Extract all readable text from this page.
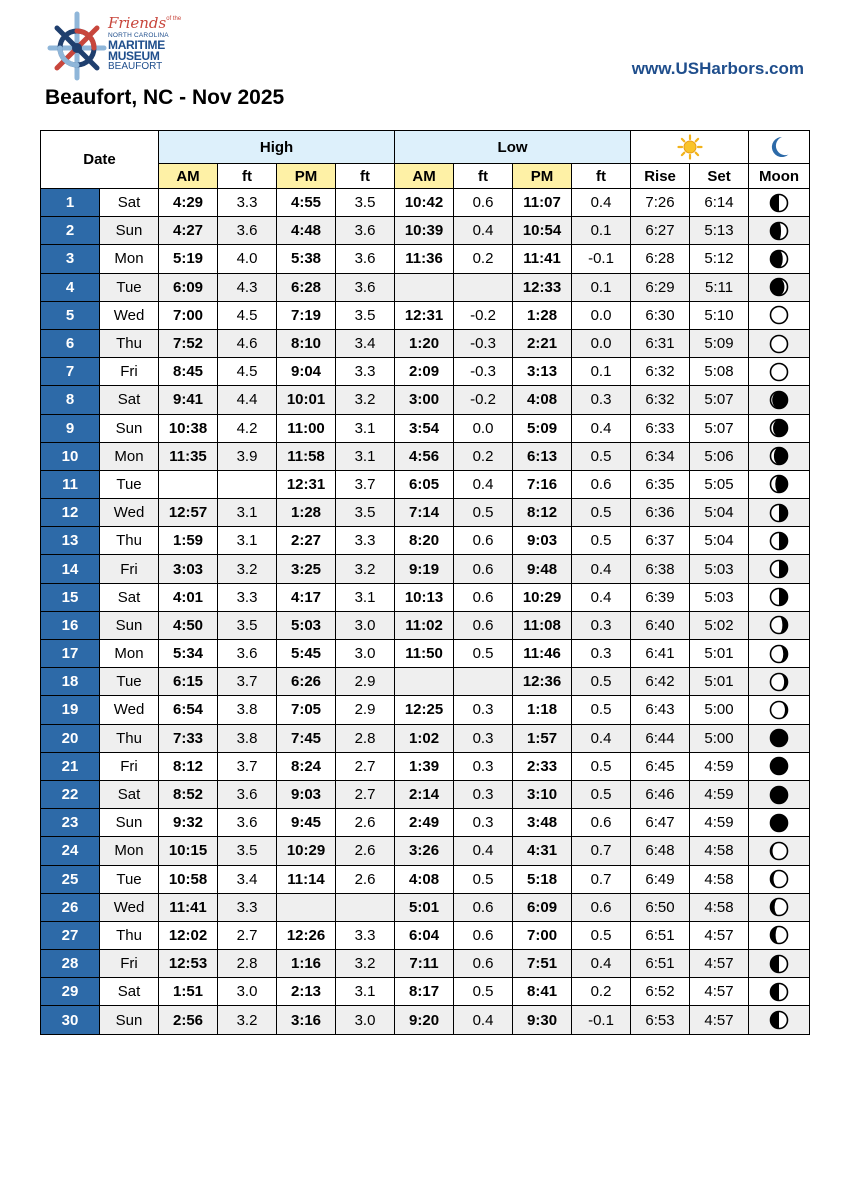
Friends$^{of the}$
NORTH CAROLINA
MARITIME
MUSEUM
BEAUFORT	www.USHarbors.com
Beaufort, NC - Nov 2025
Date		High				Low	

		AM	ft	PM	ft	AM	ft	PM	ft	Rise	Set	Moon
1	Sat	4:29	3.3	4:55	3.5	10:42	0.6	11:07	0.4	7:26	6:14	

2	Sun	4:27	3.6	4:48	3.6	10:39	0.4	10:54	0.1	6:27	5:13	

3	Mon	5:19	4.0	5:38	3.6	11:36	0.2	11:41	-0.1	6:28	5:12	

4	Tue	6:09	4.3	6:28	3.6			12:33	0.1	6:29	5:11	

5	Wed	7:00	4.5	7:19	3.5	12:31	-0.2	1:28	0.0	6:30	5:10	

6	Thu	7:52	4.6	8:10	3.4	1:20	-0.3	2:21	0.0	6:31	5:09	

7	Fri	8:45	4.5	9:04	3.3	2:09	-0.3	3:13	0.1	6:32	5:08	

8	Sat	9:41	4.4	10:01	3.2	3:00	-0.2	4:08	0.3	6:32	5:07	

9	Sun	10:38	4.2	11:00	3.1	3:54	0.0	5:09	0.4	6:33	5:07	

10	Mon	11:35	3.9	11:58	3.1	4:56	0.2	6:13	0.5	6:34	5:06	

11	Tue			12:31	3.7	6:05	0.4	7:16	0.6	6:35	5:05	

12	Wed	12:57	3.1	1:28	3.5	7:14	0.5	8:12	0.5	6:36	5:04	

13	Thu	1:59	3.1	2:27	3.3	8:20	0.6	9:03	0.5	6:37	5:04	

14	Fri	3:03	3.2	3:25	3.2	9:19	0.6	9:48	0.4	6:38	5:03	

15	Sat	4:01	3.3	4:17	3.1	10:13	0.6	10:29	0.4	6:39	5:03	

16	Sun	4:50	3.5	5:03	3.0	11:02	0.6	11:08	0.3	6:40	5:02	

17	Mon	5:34	3.6	5:45	3.0	11:50	0.5	11:46	0.3	6:41	5:01	

18	Tue	6:15	3.7	6:26	2.9			12:36	0.5	6:42	5:01	

19	Wed	6:54	3.8	7:05	2.9	12:25	0.3	1:18	0.5	6:43	5:00	

20	Thu	7:33	3.8	7:45	2.8	1:02	0.3	1:57	0.4	6:44	5:00	

21	Fri	8:12	3.7	8:24	2.7	1:39	0.3	2:33	0.5	6:45	4:59	

22	Sat	8:52	3.6	9:03	2.7	2:14	0.3	3:10	0.5	6:46	4:59	

23	Sun	9:32	3.6	9:45	2.6	2:49	0.3	3:48	0.6	6:47	4:59	

24	Mon	10:15	3.5	10:29	2.6	3:26	0.4	4:31	0.7	6:48	4:58	

25	Tue	10:58	3.4	11:14	2.6	4:08	0.5	5:18	0.7	6:49	4:58	

26	Wed	11:41	3.3			5:01	0.6	6:09	0.6	6:50	4:58	

27	Thu	12:02	2.7	12:26	3.3	6:04	0.6	7:00	0.5	6:51	4:57	

28	Fri	12:53	2.8	1:16	3.2	7:11	0.6	7:51	0.4	6:51	4:57	

29	Sat	1:51	3.0	2:13	3.1	8:17	0.5	8:41	0.2	6:52	4:57	

30	Sun	2:56	3.2	3:16	3.0	9:20	0.4	9:30	-0.1	6:53	4:57	
